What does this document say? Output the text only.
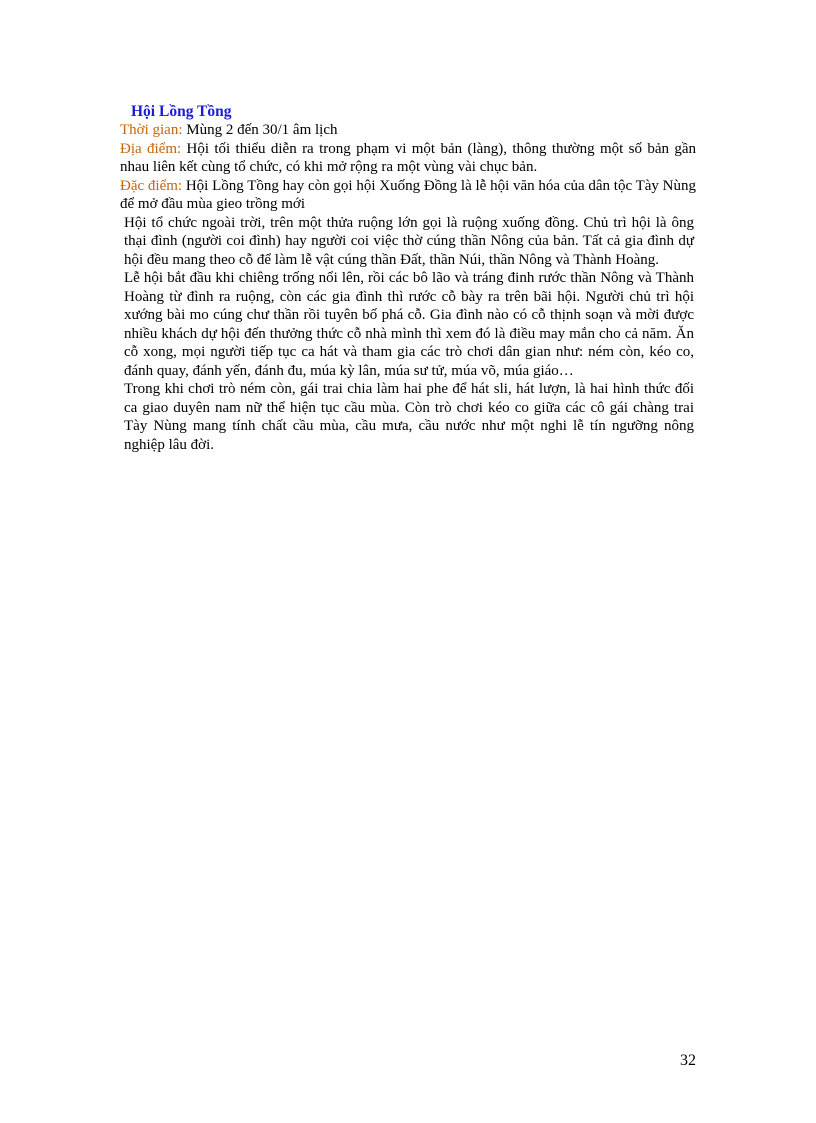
Hội Lồng Tồng

Thời gian: Mùng 2 đến 30/1 âm lịch

Địa điểm: Hội tối thiểu diễn ra trong phạm vi một bản (làng), thông thường một số bản gần nhau liên kết cùng tổ chức, có khi mở rộng ra một vùng vài chục bản.

Đặc điểm: Hội Lồng Tồng hay còn gọi hội Xuống Đồng là lễ hội văn hóa của dân tộc Tày Nùng để mở đầu mùa gieo trồng mới

Hội tổ chức ngoài trời, trên một thửa ruộng lớn gọi là ruộng xuống đồng. Chủ trì hội là ông thại đình (người coi đình) hay người coi việc thờ cúng thần Nông của bản. Tất cả gia đình dự hội đều mang theo cỗ để làm lễ vật cúng thần Đất, thần Núi, thần Nông và Thành Hoàng.

Lễ hội bắt đầu khi chiêng trống nổi lên, rồi các bô lão và tráng đinh rước thần Nông và Thành Hoàng từ đình ra ruộng, còn các gia đình thì rước cỗ bày ra trên bãi hội. Người chủ trì hội xướng bài mo cúng chư thần rồi tuyên bố phá cỗ. Gia đình nào có cỗ thịnh soạn và mời được nhiều khách dự hội đến thưởng thức cỗ nhà mình thì xem đó là điều may mắn cho cả năm. Ăn cỗ xong, mọi người tiếp tục ca hát và tham gia các trò chơi dân gian như: ném còn, kéo co, đánh quay, đánh yến, đánh đu, múa kỳ lân, múa sư tử, múa võ, múa giáo…

Trong khi chơi trò ném còn, gái trai chia làm hai phe để hát sli, hát lượn, là hai hình thức đối ca giao duyên nam nữ thể hiện tục cầu mùa. Còn trò chơi kéo co giữa các cô gái chàng trai Tày Nùng mang tính chất cầu mùa, cầu mưa, cầu nước như một nghi lễ tín ngưỡng nông nghiệp lâu đời.

32
